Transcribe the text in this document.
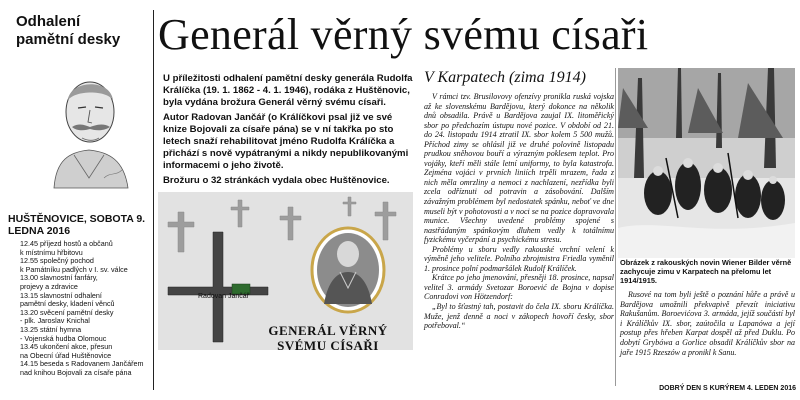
Odhalení pamětní desky
HUŠTĚNOVICE, SOBOTA 9. LEDNA 2016
12.45 příjezd hostů a občanů
k místnímu hřbitovu
12.55 společný pochod
k Památníku padlých v I. sv. válce
13.00 slavnostní fanfáry,
projevy a zdravice
13.15 slavnostní odhalení
pamětní desky, kladení věnců
13.20 svěcení pamětní desky
- plk. Jaroslav Knichal
13.25 státní hymna
- Vojenská hudba Olomouc
13.45 ukončení akce, přesun
na Obecní úřad Huštěnovice
14.15 beseda s Radovanem Jančářem
nad knihou Bojovali za císaře pána
Generál věrný svému císaři

U příležitosti odhalení pamětní desky generála Rudolfa Králíčka (19. 1. 1862 - 4. 1. 1946), rodáka z Huštěnovic, byla vydána brožura Generál věrný svému císaři.

Autor Radovan Jančář (o Králíčkovi psal již ve své knize Bojovali za císaře pána) se v ní takřka po sto letech snaží rehabilitovat jméno Rudolfa Králíčka a přichází s nově vypátranými a nikdy nepublikovanými informacemi o jeho životě.

Brožuru o 32 stránkách vydala obec Huštěnovice.

Radovan Jančář
GENERÁL VĚRNÝ SVÉMU CÍSAŘI
V Karpatech (zima 1914)

V rámci tzv. Brusilovovy ofenzívy pronikla ruská vojska až ke slovenskému Bardějovu, který dokonce na několik dnů obsadila. Právě u Bardějova zaujal IX. litoměřický sbor po předchozím ústupu nové pozice. V období od 21. do 24. listopadu 1914 ztratil IX. sbor kolem 5 500 mužů. Příchod zimy se ohlásil již ve druhé polovině listopadu prudkou sněhovou bouří a výrazným poklesem teplot. Pro vojáky, kteří měli stále letní uniformy, to byla katastrofa. Zejména vojáci v prvních liniích trpěli mrazem, řada z nich měla omrzliny a nemoci z nachlazení, nezřídka byli zcela odříznuti od potravin a zásobování. Dalším závažným problémem byl nedostatek spánku, neboť ve dne museli být v pohotovosti a v noci se na pozice dopravovala munice. Všechny uvedené problémy spojené s nastřádaným spánkovým dluhem vedly k totálnímu fyzickému vyčerpání a psychickému stresu.

Problémy u sboru vedly rakouské vrchní velení k výměně jeho velitele. Polního zbrojmistra Friedla vyměnil 1. prosince polní podmaršálek Rudolf Králíček.

Krátce po jeho jmenování, přesněji 18. prosince, napsal velitel 3. armády Svetozar Boroević de Bojna v dopise Conradovi von Hötzendorf:

„Byl to šťastný tah, postavit do čela IX. sboru Králíčka. Muže, jenž denně a noci v zákopech hovoří česky, sbor potřeboval.“

Obrázek z rakouských novin Wiener Bilder věrně zachycuje zimu v Karpatech na přelomu let 1914/1915.

Rusové na tom byli ještě o poznání hůře a právě u Bardějova umožnili překvapivě převzít iniciativu Rakušanům. Boroevićova 3. armáda, jejíž součástí byl i Králíčkův IX. sbor, zaútočila u Lapanówa a její postup přes hřeben Karpat dospěl až před Duklu. Po dobytí Grybówa a Gorlice obsadil Králíčkův sbor na jaře 1915 Rzeszów a pronikl k Sanu.

DOBRÝ DEN S KURÝREM 4. LEDEN 2016
